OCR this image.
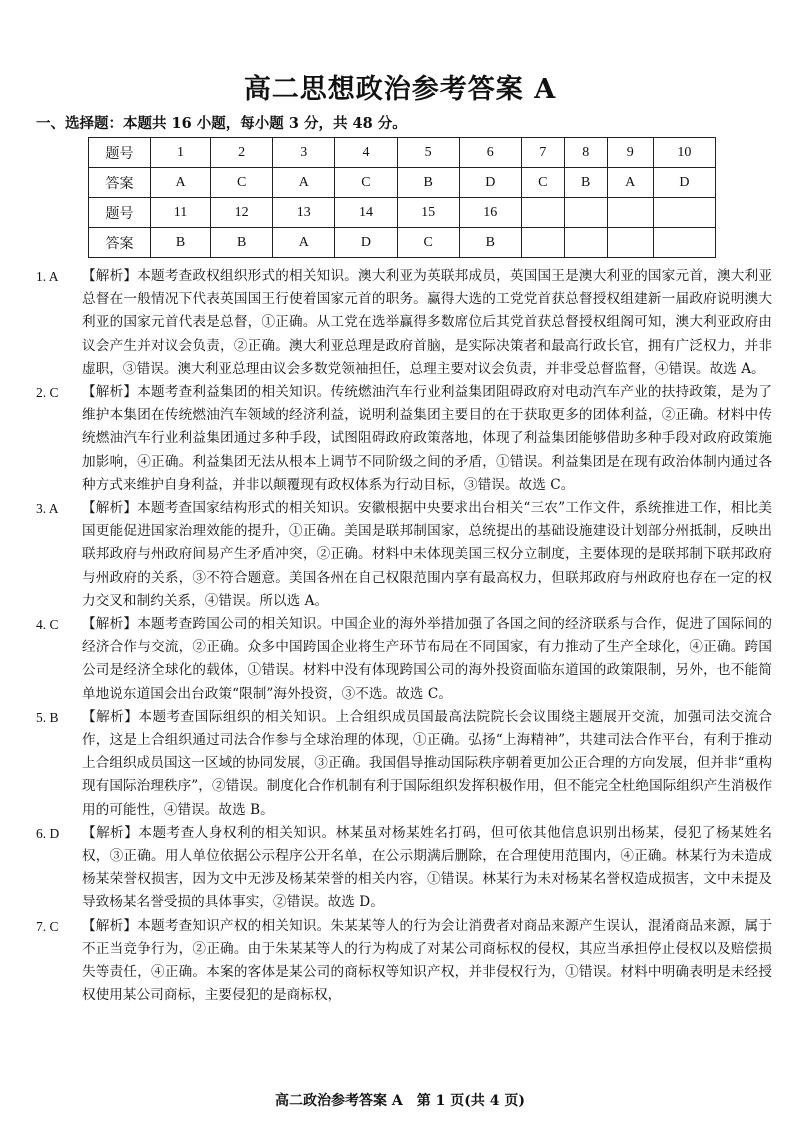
高二思想政治参考答案 A
一、选择题：本题共 16 小题，每小题 3 分，共 48 分。
题号	1	2	3	4	5	6	7	8	9	10
答案	A	C	A	C	B	D	C	B	A	D
题号	11	12	13	14	15	16				
答案	B	B	A	D	C	B				
1. A	【解析】本题考查政权组织形式的相关知识。澳大利亚为英联邦成员，英国国王是澳大利亚的国家元首，澳大利亚总督在一般情况下代表英国国王行使着国家元首的职务。赢得大选的工党党首获总督授权组建新一届政府说明澳大利亚的国家元首代表是总督，①正确。从工党在选举赢得多数席位后其党首获总督授权组阁可知，澳大利亚政府由议会产生并对议会负责，②正确。澳大利亚总理是政府首脑，是实际决策者和最高行政长官，拥有广泛权力，并非虚职，③错误。澳大利亚总理由议会多数党领袖担任，总理主要对议会负责，并非受总督监督，④错误。故选 A。

2. C	【解析】本题考查利益集团的相关知识。传统燃油汽车行业利益集团阻碍政府对电动汽车产业的扶持政策，是为了维护本集团在传统燃油汽车领域的经济利益，说明利益集团主要目的在于获取更多的团体利益，②正确。材料中传统燃油汽车行业利益集团通过多种手段，试图阻碍政府政策落地，体现了利益集团能够借助多种手段对政府政策施加影响，④正确。利益集团无法从根本上调节不同阶级之间的矛盾，①错误。利益集团是在现有政治体制内通过各种方式来维护自身利益，并非以颠覆现有政权体系为行动目标，③错误。故选 C。

3. A	【解析】本题考查国家结构形式的相关知识。安徽根据中央要求出台相关“三农”工作文件，系统推进工作，相比美国更能促进国家治理效能的提升，①正确。美国是联邦制国家，总统提出的基础设施建设计划部分州抵制，反映出联邦政府与州政府间易产生矛盾冲突，②正确。材料中未体现美国三权分立制度，主要体现的是联邦制下联邦政府与州政府的关系，③不符合题意。美国各州在自己权限范围内享有最高权力，但联邦政府与州政府也存在一定的权力交叉和制约关系，④错误。所以选 A。

4. C	【解析】本题考查跨国公司的相关知识。中国企业的海外举措加强了各国之间的经济联系与合作，促进了国际间的经济合作与交流，②正确。众多中国跨国企业将生产环节布局在不同国家，有力推动了生产全球化，④正确。跨国公司是经济全球化的载体，①错误。材料中没有体现跨国公司的海外投资面临东道国的政策限制，另外，也不能简单地说东道国会出台政策“限制”海外投资，③不选。故选 C。

5. B	【解析】本题考查国际组织的相关知识。上合组织成员国最高法院院长会议围绕主题展开交流，加强司法交流合作，这是上合组织通过司法合作参与全球治理的体现，①正确。弘扬“上海精神”，共建司法合作平台，有利于推动上合组织成员国这一区域的协同发展，③正确。我国倡导推动国际秩序朝着更加公正合理的方向发展，但并非“重构现有国际治理秩序”，②错误。制度化合作机制有利于国际组织发挥积极作用，但不能完全杜绝国际组织产生消极作用的可能性，④错误。故选 B。

6. D	【解析】本题考查人身权利的相关知识。林某虽对杨某姓名打码，但可依其他信息识别出杨某，侵犯了杨某姓名权，③正确。用人单位依据公示程序公开名单，在公示期满后删除，在合理使用范围内，④正确。林某行为未造成杨某荣誉权损害，因为文中无涉及杨某荣誉的相关内容，①错误。林某行为未对杨某名誉权造成损害，文中未提及导致杨某名誉受损的具体事实，②错误。故选 D。

7. C	【解析】本题考查知识产权的相关知识。朱某某等人的行为会让消费者对商品来源产生误认，混淆商品来源，属于不正当竞争行为，②正确。由于朱某某等人的行为构成了对某公司商标权的侵权，其应当承担停止侵权以及赔偿损失等责任，④正确。本案的客体是某公司的商标权等知识产权，并非侵权行为，①错误。材料中明确表明是未经授权使用某公司商标，主要侵犯的是商标权，

高二政治参考答案 A　第 1 页(共 4 页)
